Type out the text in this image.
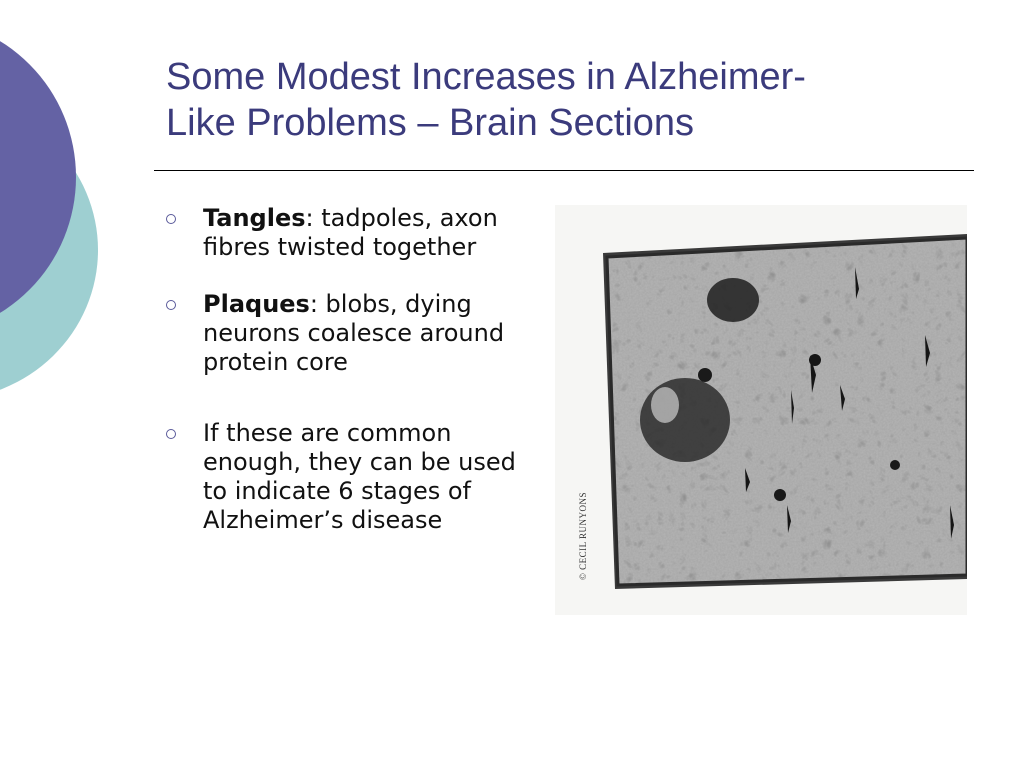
Some Modest Increases in Alzheimer-
Like Problems – Brain Sections
Tangles: tadpoles, axon fibres twisted together
Plaques: blobs, dying neurons coalesce around protein core
If these are common enough, they can be used to indicate 6 stages of Alzheimer’s disease	© CECIL RUNYONS
